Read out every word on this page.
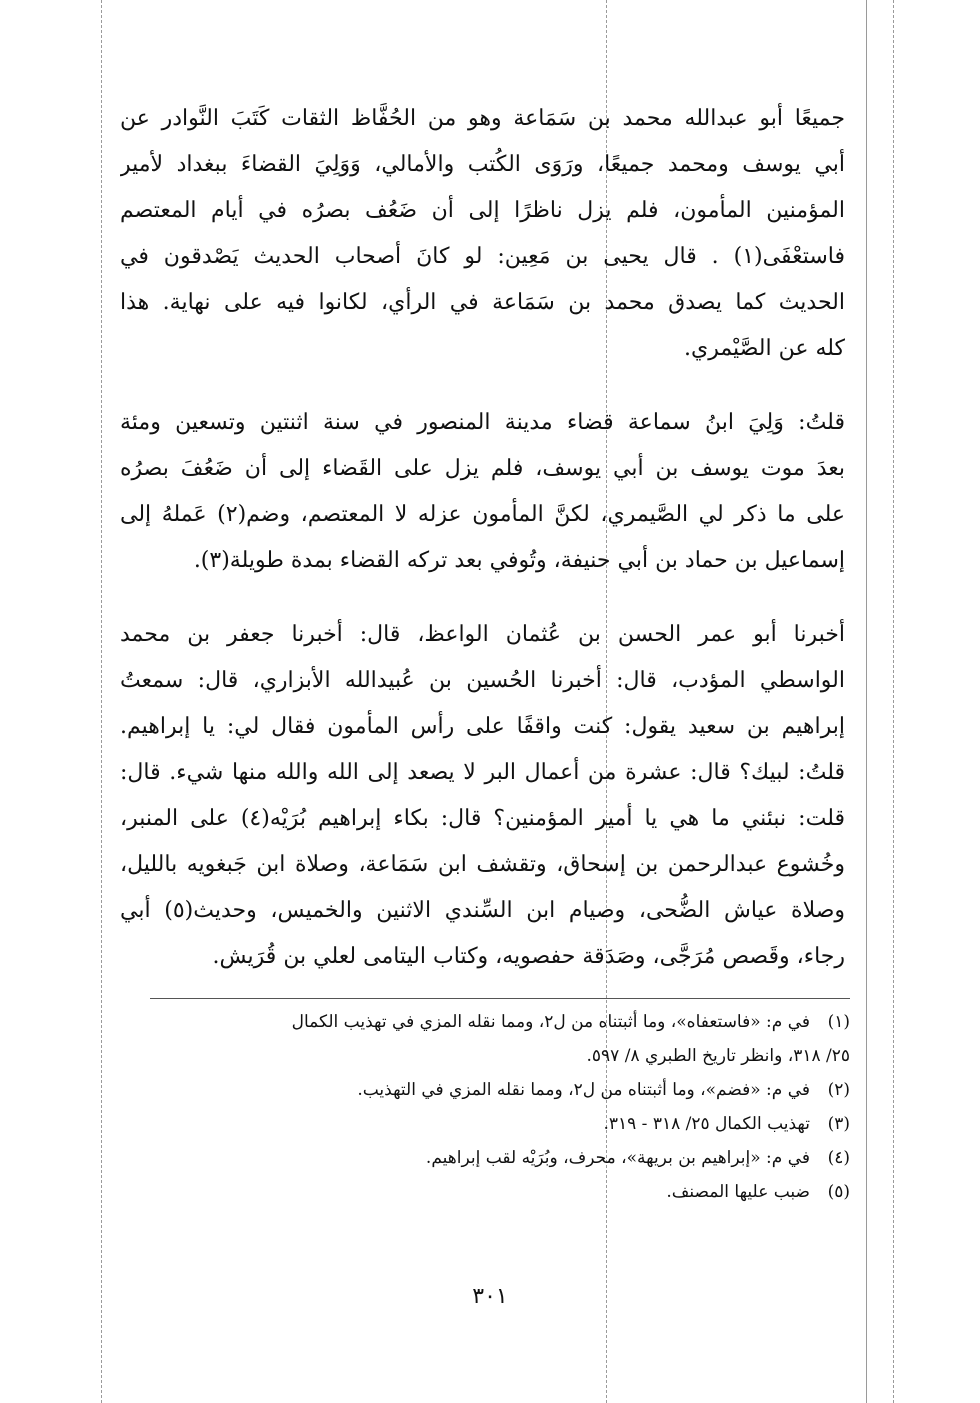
جميعًا أبو عبدالله محمد بن سَمَاعة وهو من الحُفَّاظ الثقات كَتَبَ النَّوادر عن
أبي يوسف ومحمد جميعًا، ورَوَى الكُتب والأمالي، وَوَلِيَ القضاءَ ببغداد لأمير
المؤمنين المأمون، فلم يزل ناظرًا إلى أن ضَعُف بصرُه في أيام المعتصم
فاستعْفَى(١) . قال يحيى بن مَعِين: لو كانَ أصحاب الحديث يَصْدقون في
الحديث كما يصدق محمد بن سَمَاعة في الرأي، لكانوا فيه على نهاية. هذا
كله عن الصَّيْمري.

قلتُ: وَلِيَ ابنُ سماعة قضاء مدينة المنصور في سنة اثنتين وتسعين ومئة
بعدَ موت يوسف بن أبي يوسف، فلم يزل على القَضاء إلى أن ضَعُفَ بصرُه
على ما ذكر لي الصَّيمري، لكنَّ المأمون عزله لا المعتصم، وضم(٢) عَملهُ إلى
إسماعيل بن حماد بن أبي حنيفة، وتُوفي بعد تركه القضاء بمدة طويلة(٣).

أخبرنا أبو عمر الحسن بن عُثمان الواعظ، قال: أخبرنا جعفر بن محمد
الواسطي المؤدب، قال: أخبرنا الحُسين بن عُبيدالله الأبزاري، قال: سمعتُ
إبراهيم بن سعيد يقول: كنت واقفًا على رأس المأمون فقال لي: يا إبراهيم.
قلتُ: لبيك؟ قال: عشرة من أعمال البر لا يصعد إلى الله والله منها شيء. قال:
قلت: نبئني ما هي يا أمير المؤمنين؟ قال: بكاء إبراهيم بُرَيْه(٤) على المنبر،
وخُشوع عبدالرحمن بن إسحاق، وتقشف ابن سَمَاعة، وصلاة ابن جَبغويه بالليل،
وصلاة عياش الضُّحى، وصيام ابن السِّندي الاثنين والخميس، وحديث(٥) أبي
رجاء، وقَصص مُرَجَّى، وصَدَقة حفصويه، وكتاب اليتامى لعلي بن قُرَيش.

(١)
في م: «فاستعفاه»، وما أثبتناه من ل٢، ومما نقله المزي في تهذيب الكمال
٢٥/ ٣١٨، وانظر تاريخ الطبري ٨/ ٥٩٧.
(٢)
في م: «فضم»، وما أثبتناه من ل٢، ومما نقله المزي في التهذيب.
(٣)
تهذيب الكمال ٢٥/ ٣١٨ - ٣١٩.
(٤)
في م: «إبراهيم بن بريهة»، محرف، وبُرَيْه لقب إبراهيم.
(٥)
ضبب عليها المصنف.
٣٠١
